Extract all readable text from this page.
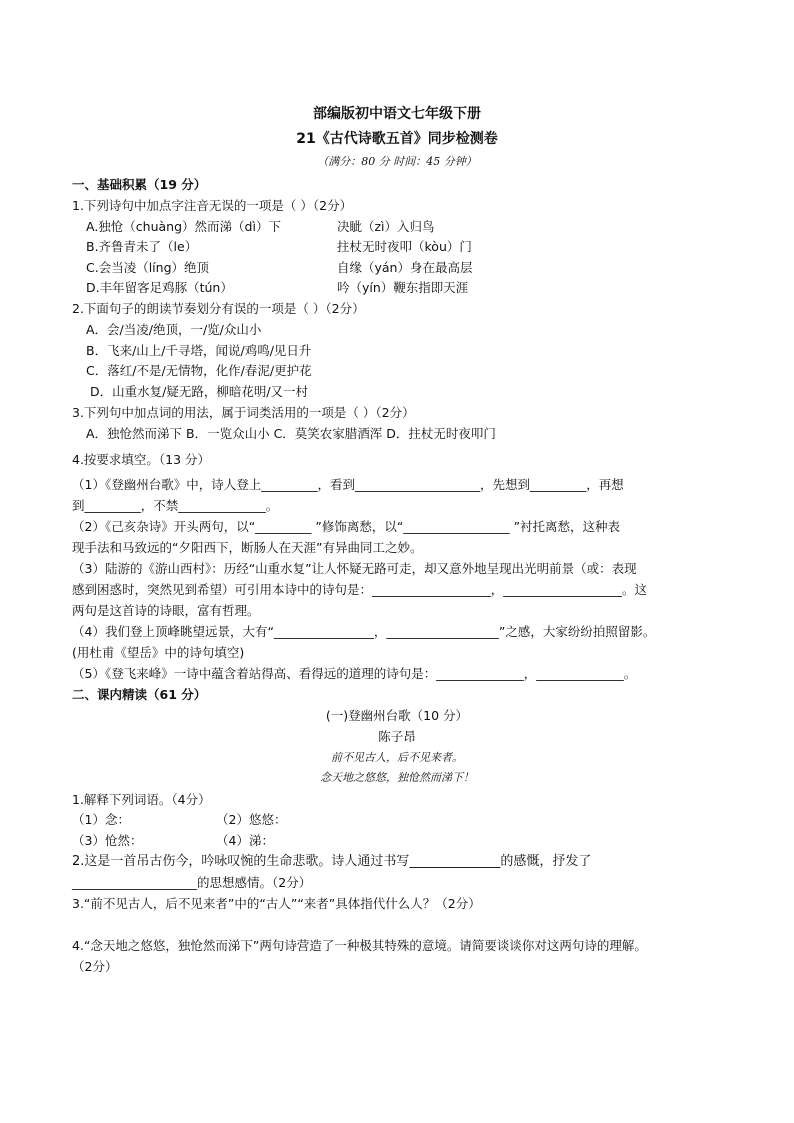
部编版初中语文七年级下册
21《古代诗歌五首》同步检测卷
（满分：80 分 时间：45 分钟）
一、基础积累（19 分）
1.下列诗句中加点字注音无误的一项是（ ）（2分）
A.独怆（chuàng）然而涕（dì）下	决眦（zì）入归鸟
B.齐鲁青未了（le）	拄杖无时夜叩（kòu）门
C.会当凌（líng）绝顶	自缘（yán）身在最高层
D.丰年留客足鸡豚（tún）	吟（yín）鞭东指即天涯
2.下面句子的朗读节奏划分有误的一项是（ ）（2分）
A．会/当凌/绝顶，一/览/众山小
B．飞来/山上/千寻塔，闻说/鸡鸣/见日升
C．落红/不是/无情物，化作/春泥/更护花
D．山重水复/疑无路，柳暗花明/又一村
3.下列句中加点词的用法，属于词类活用的一项是（ ）（2分）
A．独怆然而涕下 B．一览众山小 C．莫笑农家腊酒浑 D．拄杖无时夜叩门
4.按要求填空。（13 分）
（1）《登幽州台歌》中，诗人登上_________，看到____________________，先想到_________，再想
到_________，不禁______________。
（2）《己亥杂诗》开头两句，以“_________ ”修饰离愁，以“_________________ ”衬托离愁，这种表
现手法和马致远的“夕阳西下，断肠人在天涯”有异曲同工之妙。
（3）陆游的《游山西村》：历经“山重水复”让人怀疑无路可走，却又意外地呈现出光明前景（或：表现
感到困惑时，突然见到希望）可引用本诗中的诗句是：___________________，___________________。这
两句是这首诗的诗眼，富有哲理。
（4）我们登上顶峰眺望远景，大有“________________，__________________”之感，大家纷纷拍照留影。
(用杜甫《望岳》中的诗句填空)
（5）《登飞来峰》一诗中蕴含着站得高、看得远的道理的诗句是：______________，______________。
二、课内精读（61 分）
(一)登幽州台歌（10 分）
陈子昂
前不见古人，后不见来者。
念天地之悠悠，独怆然而涕下！
1.解释下列词语。（4分）
（1）念：	（2）悠悠：
（3）怆然：	（4）涕：
2.这是一首吊古伤今，吟咏叹惋的生命悲歌。诗人通过书写______________的感慨，抒发了
____________________的思想感情。（2分）
3.“前不见古人，后不见来者”中的“古人”“来者”具体指代什么人？（2分）
4.“念天地之悠悠，独怆然而涕下”两句诗营造了一种极其特殊的意境。请简要谈谈你对这两句诗的理解。
（2分）
